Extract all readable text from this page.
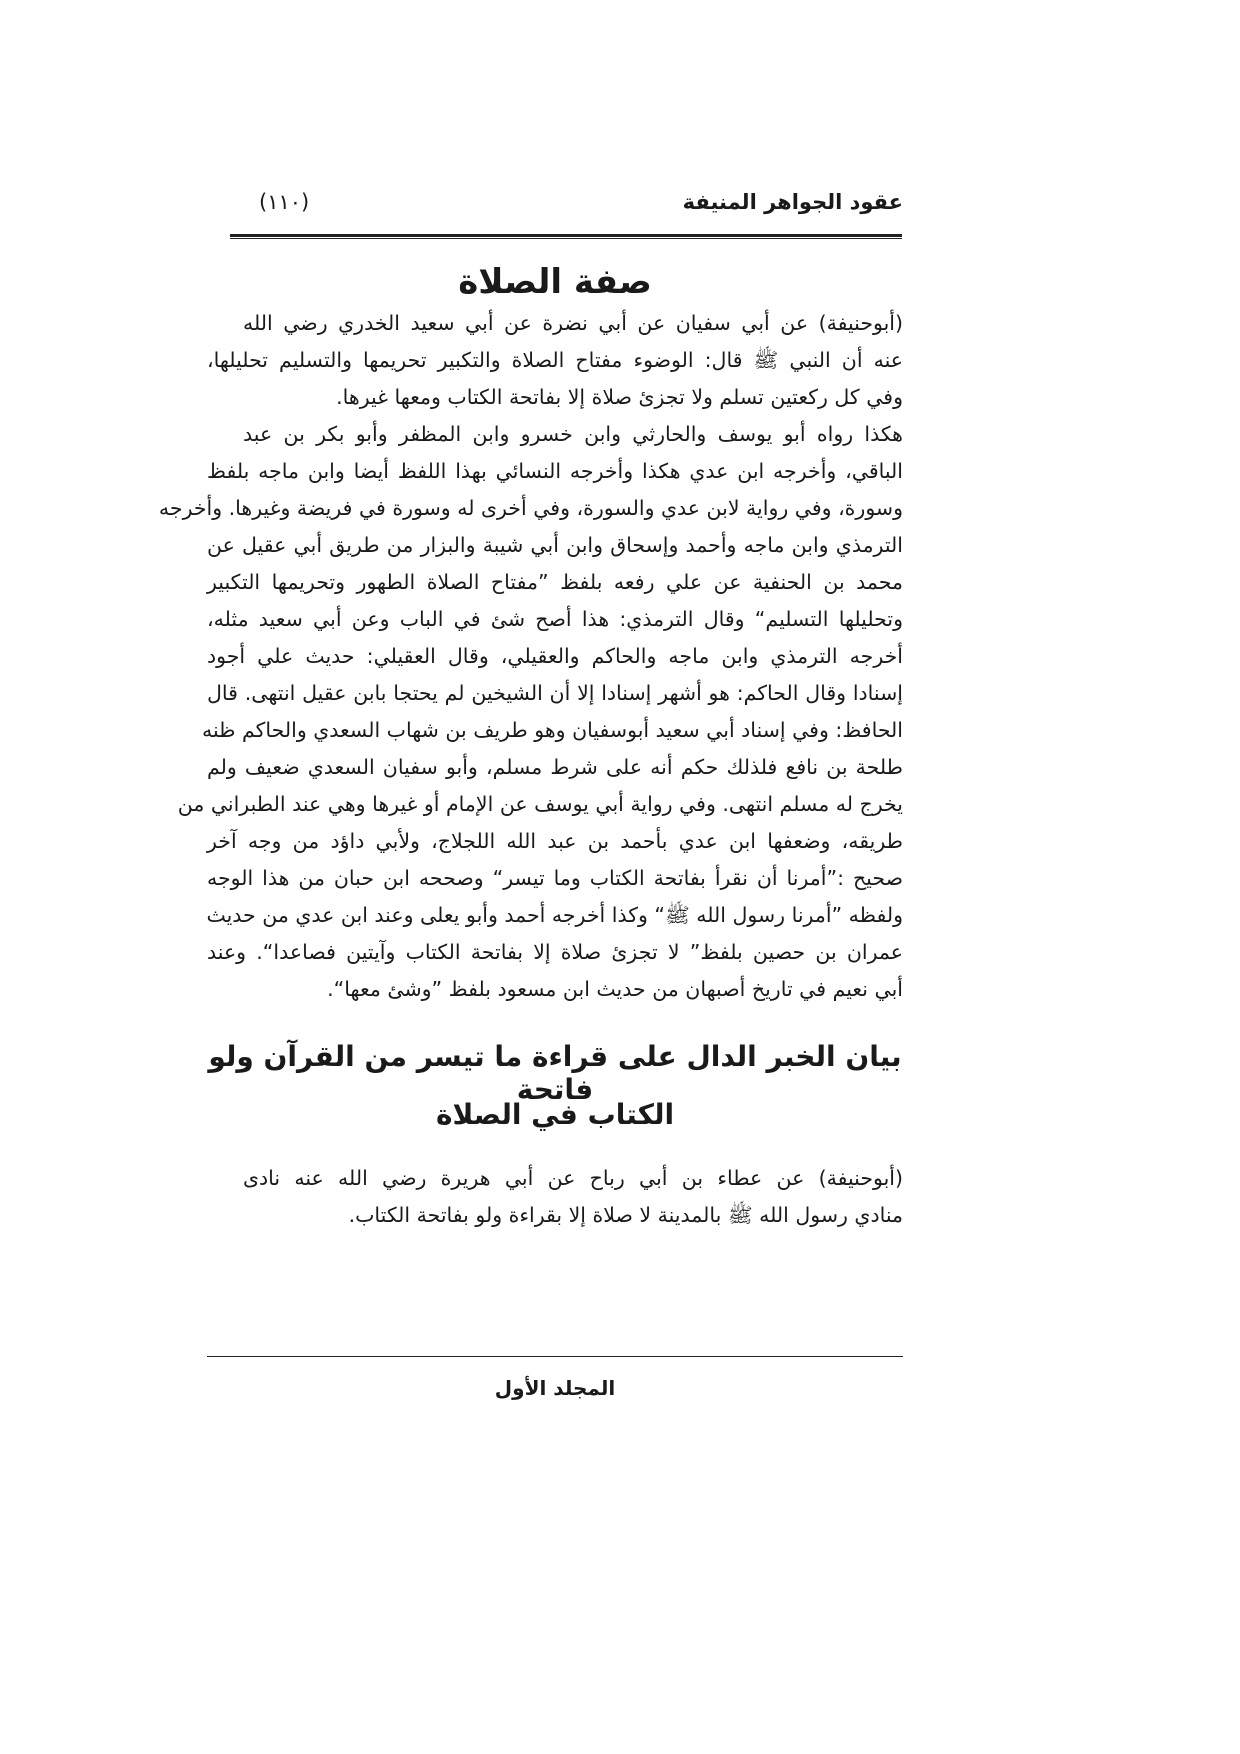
عقود الجواهر المنيفة
(١١٠)
صفة الصلاة
(أبوحنيفة) عن أبي سفيان عن أبي نضرة عن أبي سعيد الخدري رضي الله
عنه أن النبي ﷺ قال: الوضوء مفتاح الصلاة والتكبير تحريمها والتسليم تحليلها،
وفي كل ركعتين تسلم ولا تجزئ صلاة إلا بفاتحة الكتاب ومعها غيرها.
هكذا رواه أبو يوسف والحارثي وابن خسرو وابن المظفر وأبو بكر بن عبد
الباقي، وأخرجه ابن عدي هكذا وأخرجه النسائي بهذا اللفظ أيضا وابن ماجه بلفظ
وسورة، وفي رواية لابن عدي والسورة، وفي أخرى له وسورة في فريضة وغيرها. وأخرجه
الترمذي وابن ماجه وأحمد وإسحاق وابن أبي شيبة والبزار من طريق أبي عقيل عن
محمد بن الحنفية عن علي رفعه بلفظ ”مفتاح الصلاة الطهور وتحريمها التكبير
وتحليلها التسليم“ وقال الترمذي: هذا أصح شئ في الباب وعن أبي سعيد مثله،
أخرجه الترمذي وابن ماجه والحاكم والعقيلي، وقال العقيلي: حديث علي أجود
إسنادا وقال الحاكم: هو أشهر إسنادا إلا أن الشيخين لم يحتجا بابن عقيل انتهى. قال
الحافظ: وفي إسناد أبي سعيد أبوسفيان وهو طريف بن شهاب السعدي والحاكم ظنه
طلحة بن نافع فلذلك حكم أنه على شرط مسلم، وأبو سفيان السعدي ضعيف ولم
يخرج له مسلم انتهى. وفي رواية أبي يوسف عن الإمام أو غيرها وهي عند الطبراني من
طريقه، وضعفها ابن عدي بأحمد بن عبد الله اللجلاج، ولأبي داؤد من وجه آخر
صحيح :”أمرنا أن نقرأ بفاتحة الكتاب وما تيسر“ وصححه ابن حبان من هذا الوجه
ولفظه ”أمرنا رسول الله ﷺ“ وكذا أخرجه أحمد وأبو يعلى وعند ابن عدي من حديث
عمران بن حصين بلفظ” لا تجزئ صلاة إلا بفاتحة الكتاب وآيتين فصاعدا“. وعند
أبي نعيم في تاريخ أصبهان من حديث ابن مسعود بلفظ ”وشئ معها“.
بيان الخبر الدال على قراءة ما تيسر من القرآن ولو فاتحة
الكتاب في الصلاة
(أبوحنيفة) عن عطاء بن أبي رباح عن أبي هريرة رضي الله عنه نادى
منادي رسول الله ﷺ بالمدينة لا صلاة إلا بقراءة ولو بفاتحة الكتاب.
المجلد الأول
